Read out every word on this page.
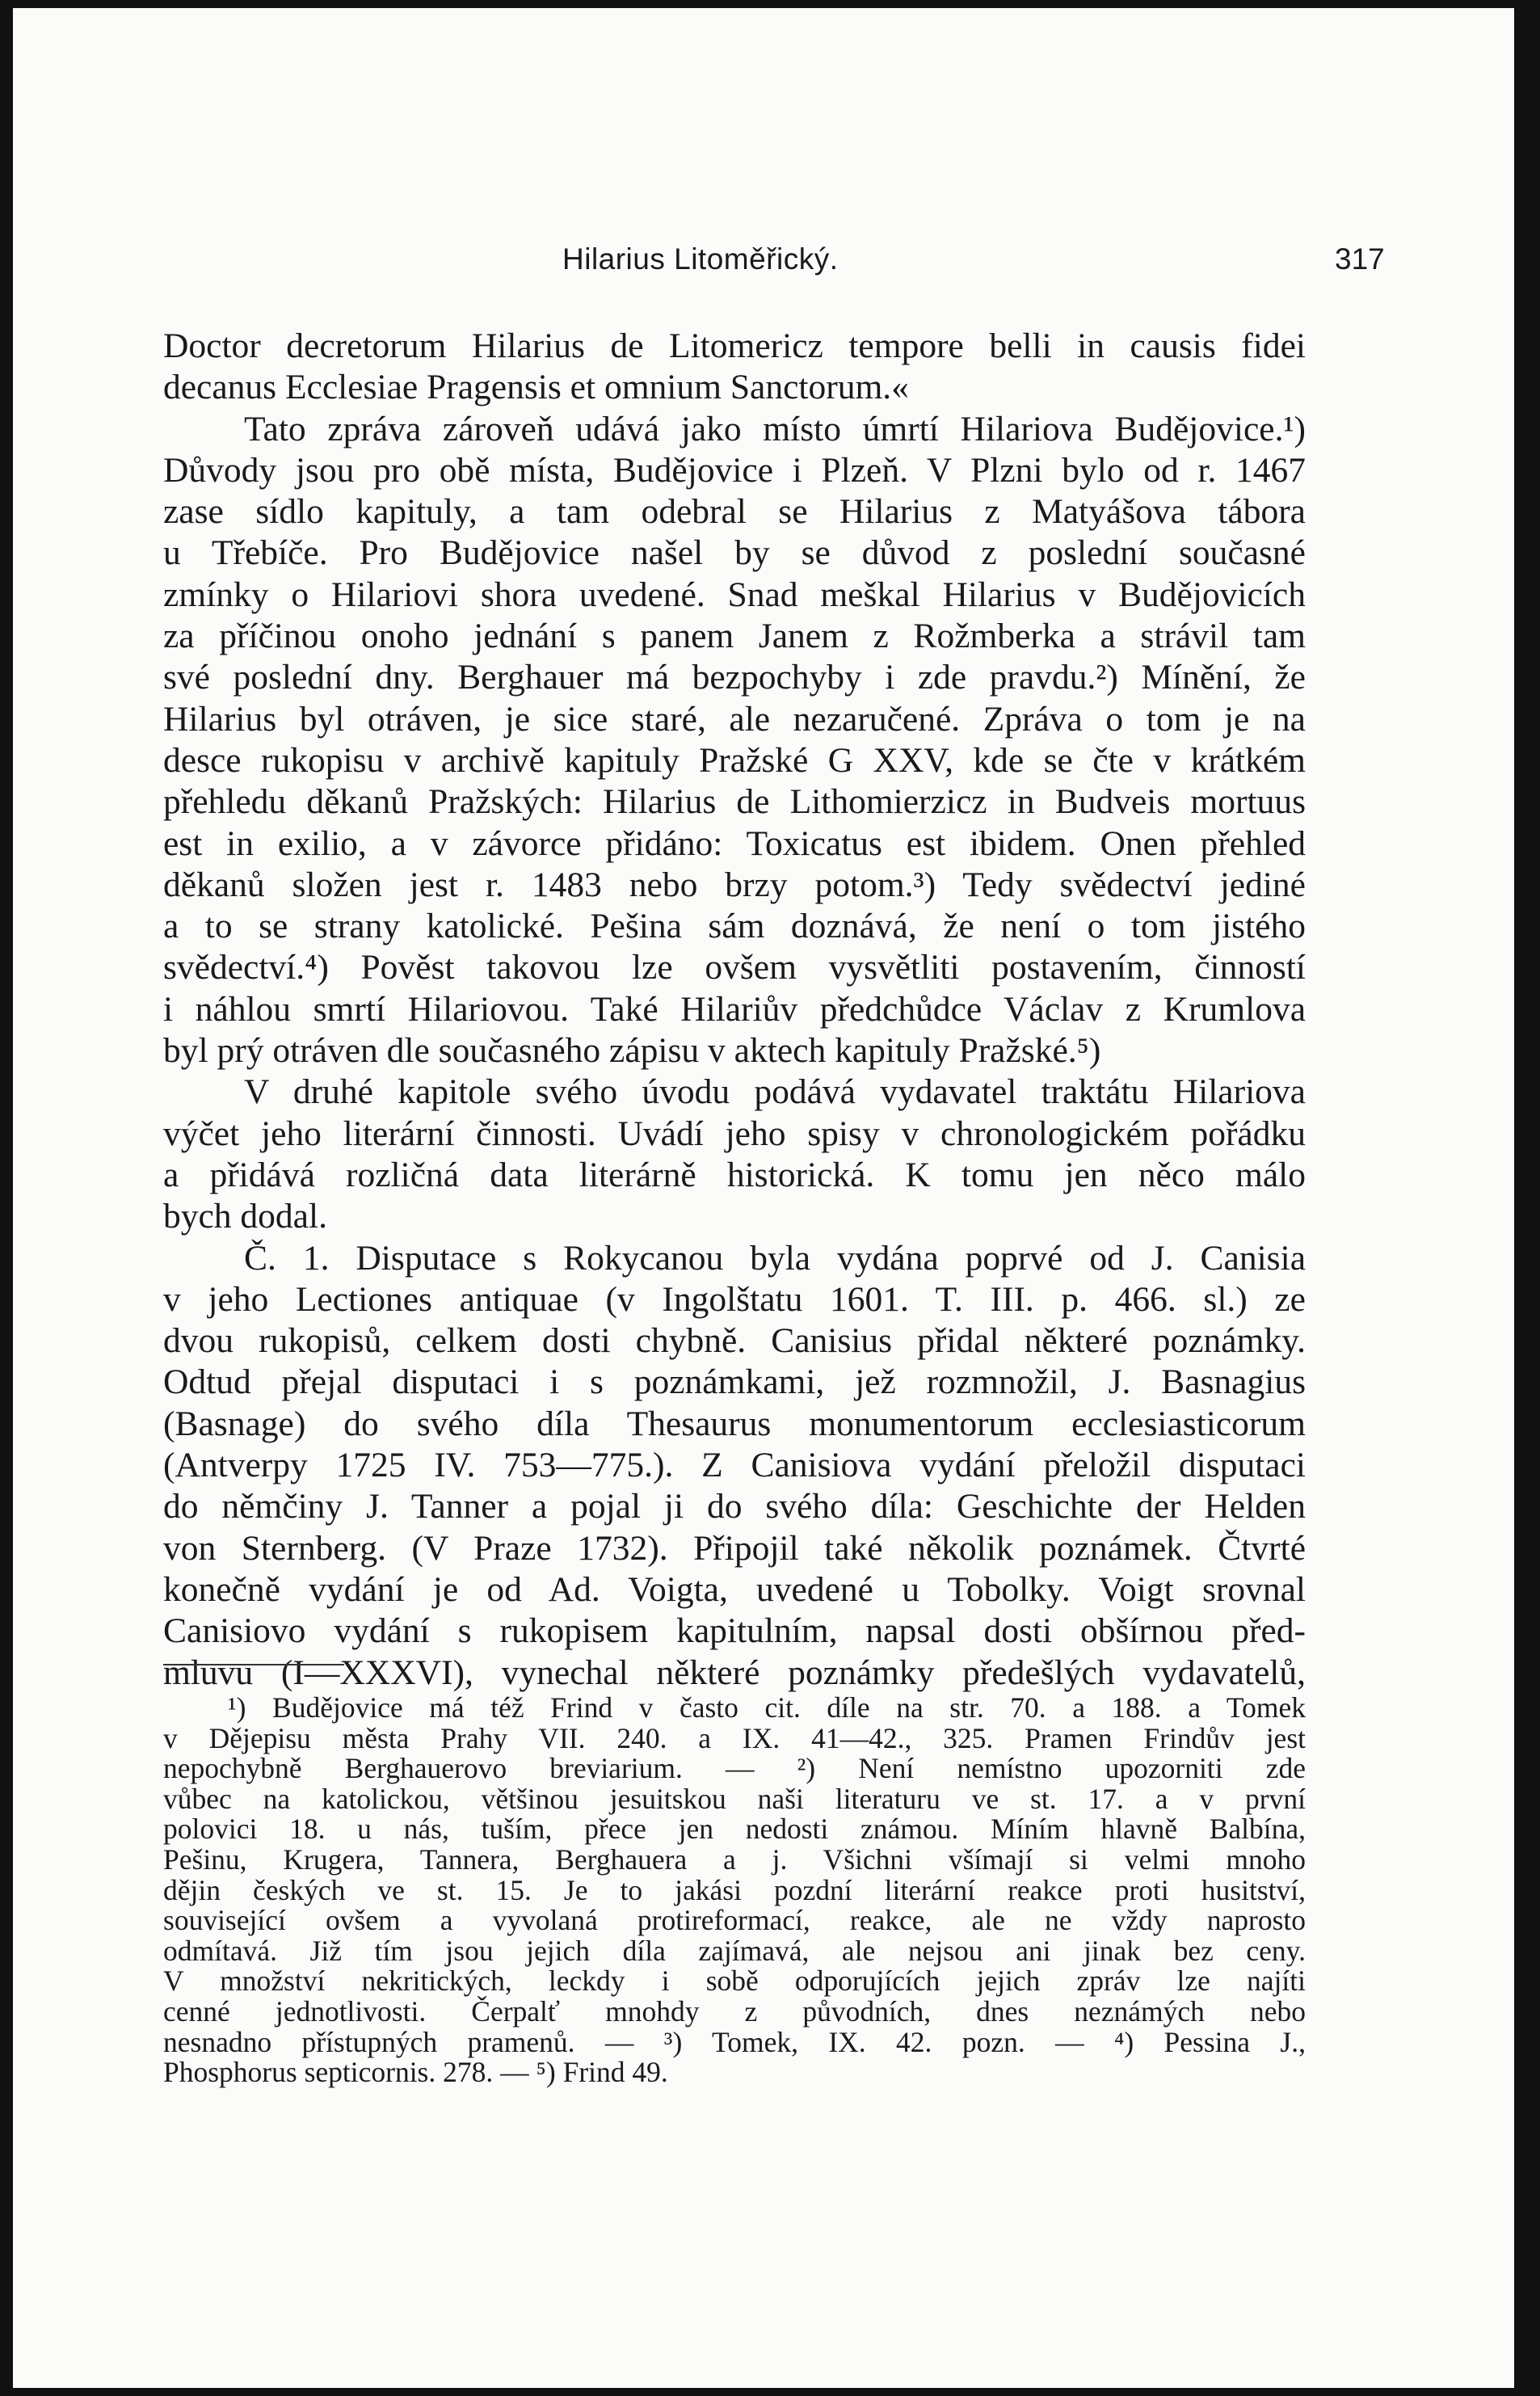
Hilarius Litoměřický.	317
Doctor decretorum Hilarius de Litomericz tempore belli in causis fidei
decanus Ecclesiae Pragensis et omnium Sanctorum.«
Tato zpráva zároveň udává jako místo úmrtí Hilariova Budějovice.¹)
Důvody jsou pro obě místa, Budějovice i Plzeň. V Plzni bylo od r. 1467
zase sídlo kapituly, a tam odebral se Hilarius z Matyášova tábora
u Třebíče. Pro Budějovice našel by se důvod z poslední současné
zmínky o Hilariovi shora uvedené. Snad meškal Hilarius v Budějovicích
za příčinou onoho jednání s panem Janem z Rožmberka a strávil tam
své poslední dny. Berghauer má bezpochyby i zde pravdu.²) Mínění, že
Hilarius byl otráven, je sice staré, ale nezaručené. Zpráva o tom je na
desce rukopisu v archivě kapituly Pražské G XXV, kde se čte v krátkém
přehledu děkanů Pražských: Hilarius de Lithomierzicz in Budveis mortuus
est in exilio, a v závorce přidáno: Toxicatus est ibidem. Onen přehled
děkanů složen jest r. 1483 nebo brzy potom.³) Tedy svědectví jediné
a to se strany katolické. Pešina sám doznává, že není o tom jistého
svědectví.⁴) Pověst takovou lze ovšem vysvětliti postavením, činností
i náhlou smrtí Hilariovou. Také Hilariův předchůdce Václav z Krumlova
byl prý otráven dle současného zápisu v aktech kapituly Pražské.⁵)
V druhé kapitole svého úvodu podává vydavatel traktátu Hilariova
výčet jeho literární činnosti. Uvádí jeho spisy v chronologickém pořádku
a přidává rozličná data literárně historická. K tomu jen něco málo
bych dodal.
Č. 1. Disputace s Rokycanou byla vydána poprvé od J. Canisia
v jeho Lectiones antiquae (v Ingolštatu 1601. T. III. p. 466. sl.) ze
dvou rukopisů, celkem dosti chybně. Canisius přidal některé poznámky.
Odtud přejal disputaci i s poznámkami, jež rozmnožil, J. Basnagius
(Basnage) do svého díla Thesaurus monumentorum ecclesiasticorum
(Antverpy 1725 IV. 753—775.). Z Canisiova vydání přeložil disputaci
do němčiny J. Tanner a pojal ji do svého díla: Geschichte der Helden
von Sternberg. (V Praze 1732). Připojil také několik poznámek. Čtvrté
konečně vydání je od Ad. Voigta, uvedené u Tobolky. Voigt srovnal
Canisiovo vydání s rukopisem kapitulním, napsal dosti obšírnou před-
mluvu (I—XXXVI), vynechal některé poznámky předešlých vydavatelů,
¹) Budějovice má též Frind v často cit. díle na str. 70. a 188. a Tomek
v Dějepisu města Prahy VII. 240. a IX. 41—42., 325. Pramen Frindův jest
nepochybně Berghauerovo breviarium. — ²) Není nemístno upozorniti zde
vůbec na katolickou, většinou jesuitskou naši literaturu ve st. 17. a v první
polovici 18. u nás, tuším, přece jen nedosti známou. Míním hlavně Balbína,
Pešinu, Krugera, Tannera, Berghauera a j. Všichni všímají si velmi mnoho
dějin českých ve st. 15. Je to jakási pozdní literární reakce proti husitství,
související ovšem a vyvolaná protireformací, reakce, ale ne vždy naprosto
odmítavá. Již tím jsou jejich díla zajímavá, ale nejsou ani jinak bez ceny.
V množství nekritických, leckdy i sobě odporujících jejich zpráv lze najíti
cenné jednotlivosti. Čerpalť mnohdy z původních, dnes neznámých nebo
nesnadno přístupných pramenů. — ³) Tomek, IX. 42. pozn. — ⁴) Pessina J.,
Phosphorus septicornis. 278. — ⁵) Frind 49.
